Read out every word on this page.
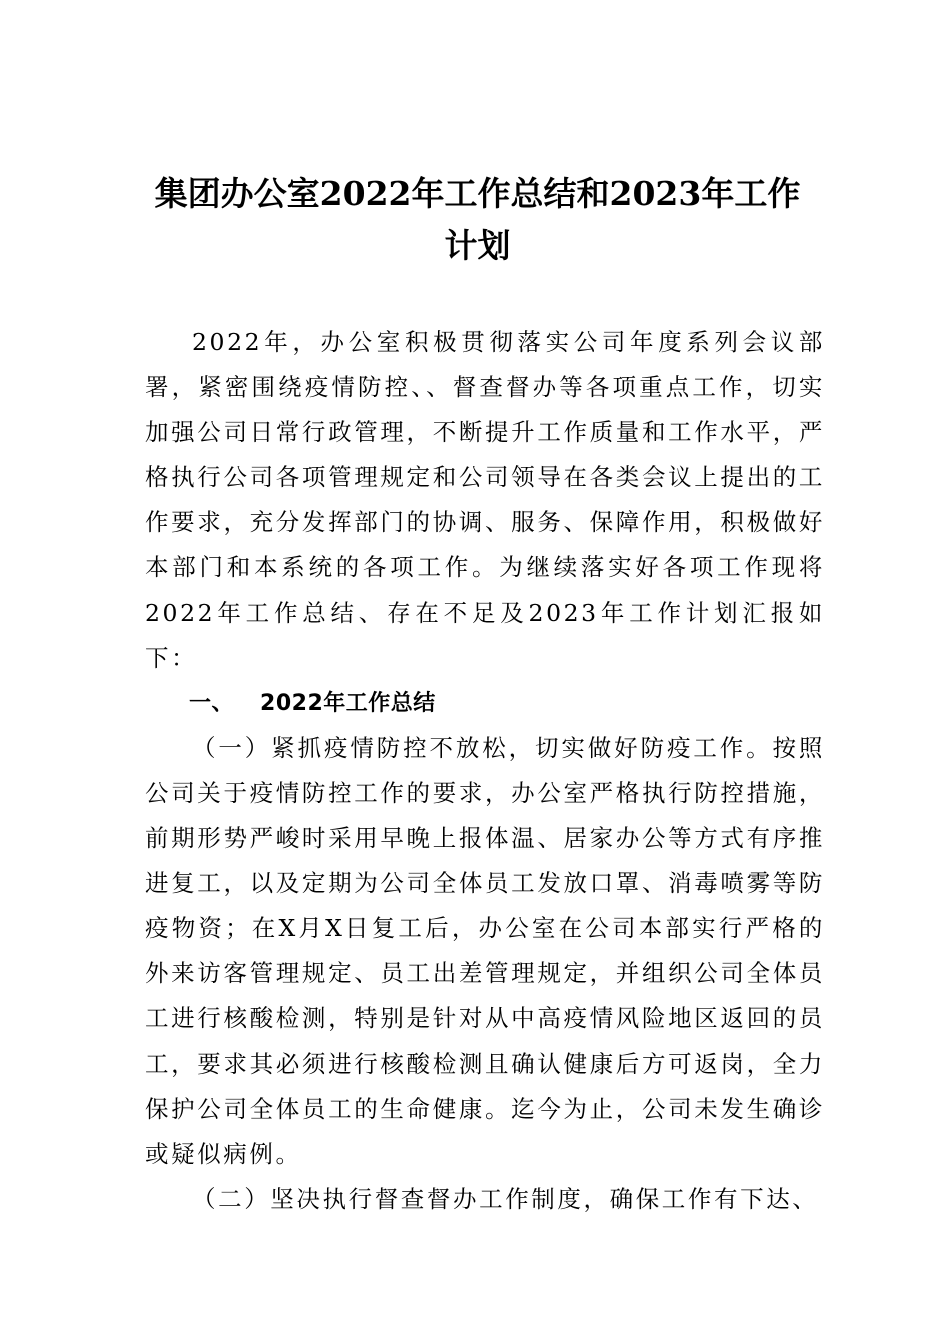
集团办公室2022年工作总结和2023年工作计划

2022年，办公室积极贯彻落实公司年度系列会议部署，紧密围绕疫情防控、、督查督办等各项重点工作，切实加强公司日常行政管理，不断提升工作质量和工作水平，严格执行公司各项管理规定和公司领导在各类会议上提出的工作要求，充分发挥部门的协调、服务、保障作用，积极做好本部门和本系统的各项工作。为继续落实好各项工作现将2022年工作总结、存在不足及2023年工作计划汇报如下：

一、 2022年工作总结

（一）紧抓疫情防控不放松，切实做好防疫工作。按照公司关于疫情防控工作的要求，办公室严格执行防控措施，前期形势严峻时采用早晚上报体温、居家办公等方式有序推进复工，以及定期为公司全体员工发放口罩、消毒喷雾等防疫物资；在X月X日复工后，办公室在公司本部实行严格的外来访客管理规定、员工出差管理规定，并组织公司全体员工进行核酸检测，特别是针对从中高疫情风险地区返回的员工，要求其必须进行核酸检测且确认健康后方可返岗，全力保护公司全体员工的生命健康。迄今为止，公司未发生确诊或疑似病例。

（二）坚决执行督查督办工作制度，确保工作有下达、
